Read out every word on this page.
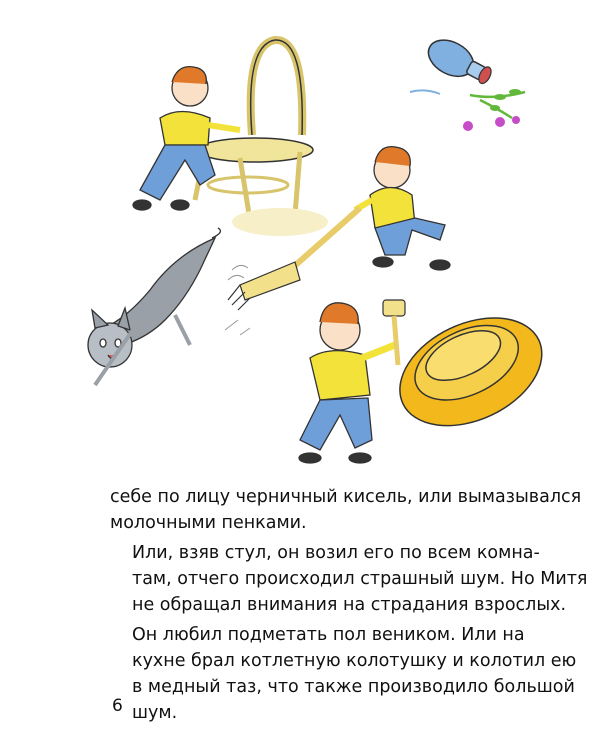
себе по лицу черничный кисель, или вымазывался
молочными пенками.

Или, взяв стул, он возил его по всем комна-
там, отчего происходил страшный шум. Но Митя
не обращал внимания на страдания взрослых.

Он любил подметать пол веником. Или на
кухне брал котлетную колотушку и колотил ею
в медный таз, что также производило большой
шум.

6
